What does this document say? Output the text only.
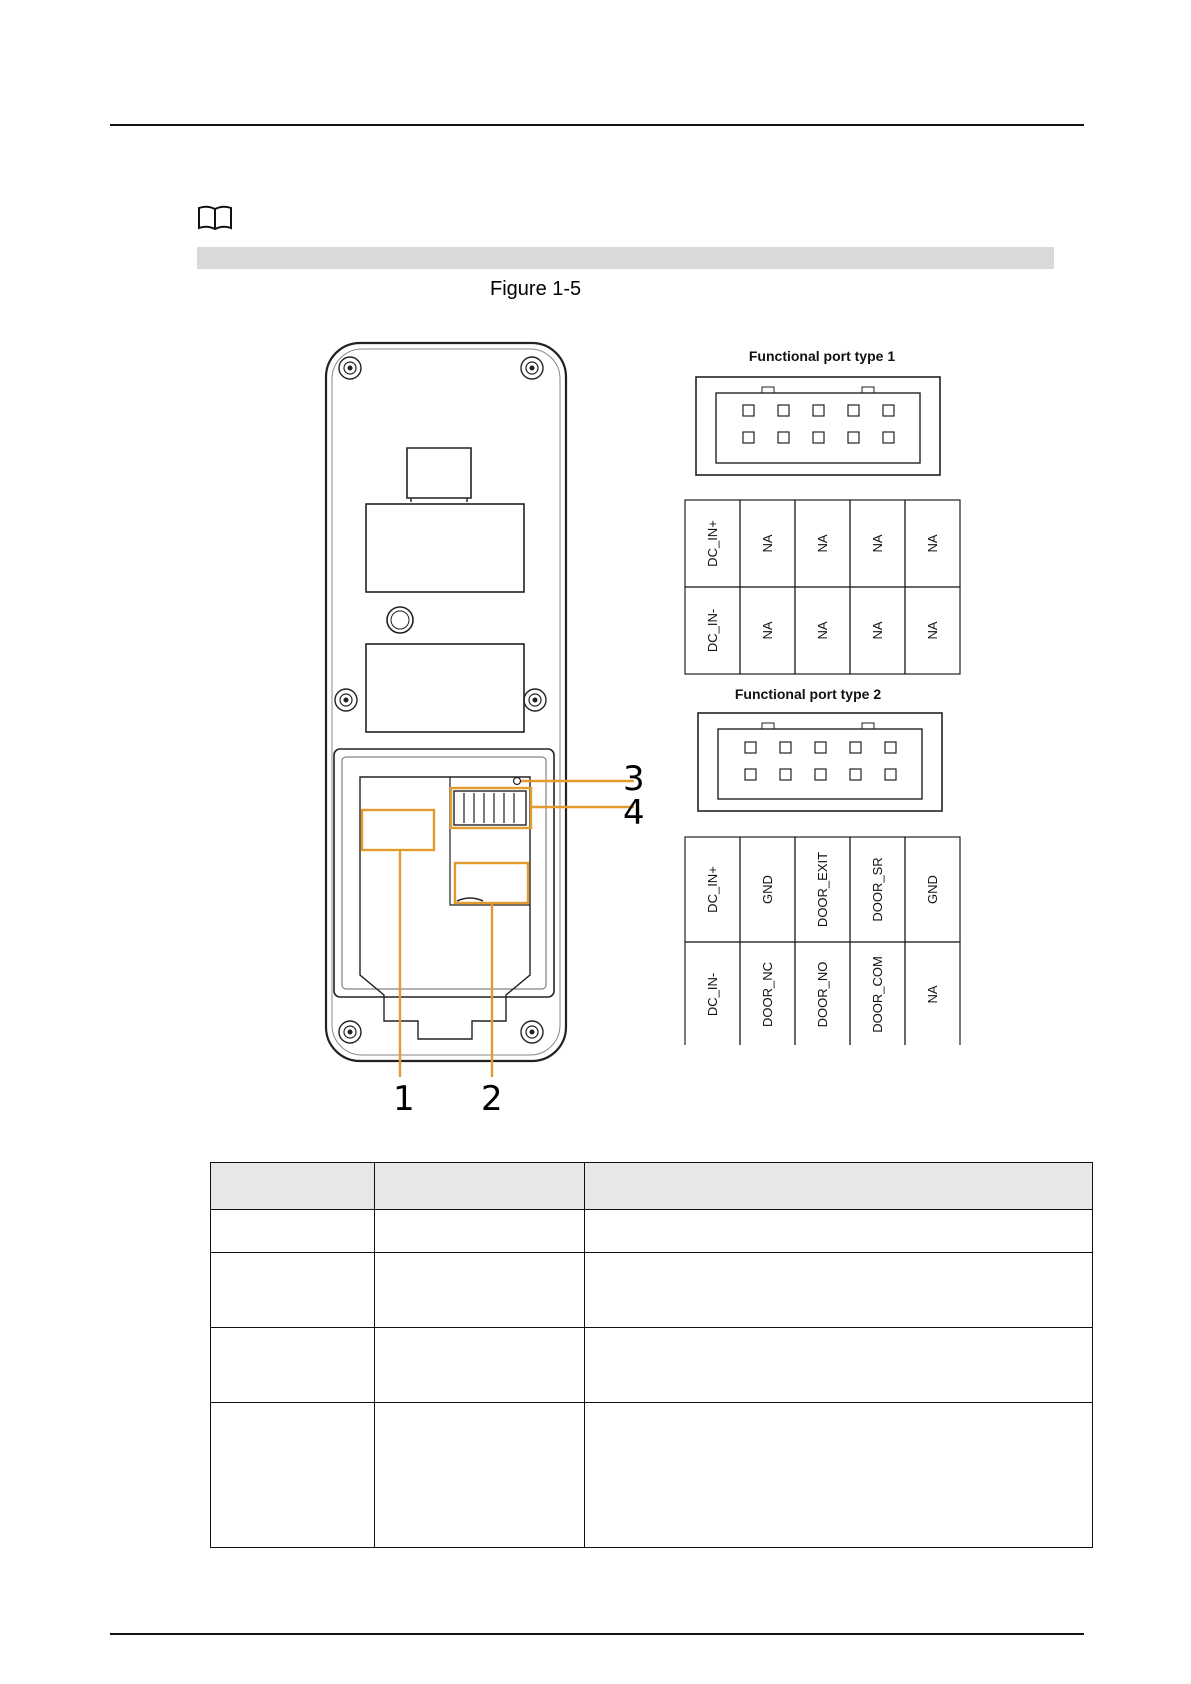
Figure 1-5
1 2
3
4
Functional port type 1
DC_IN+	NA	NA	NA	NA
DC_IN-	NA	NA	NA	NA
Functional port type 2
DC_IN+	GND	DOOR_EXIT	DOOR_SR	GND
DC_IN-	DOOR_NC	DOOR_NO	DOOR_COM	NA
